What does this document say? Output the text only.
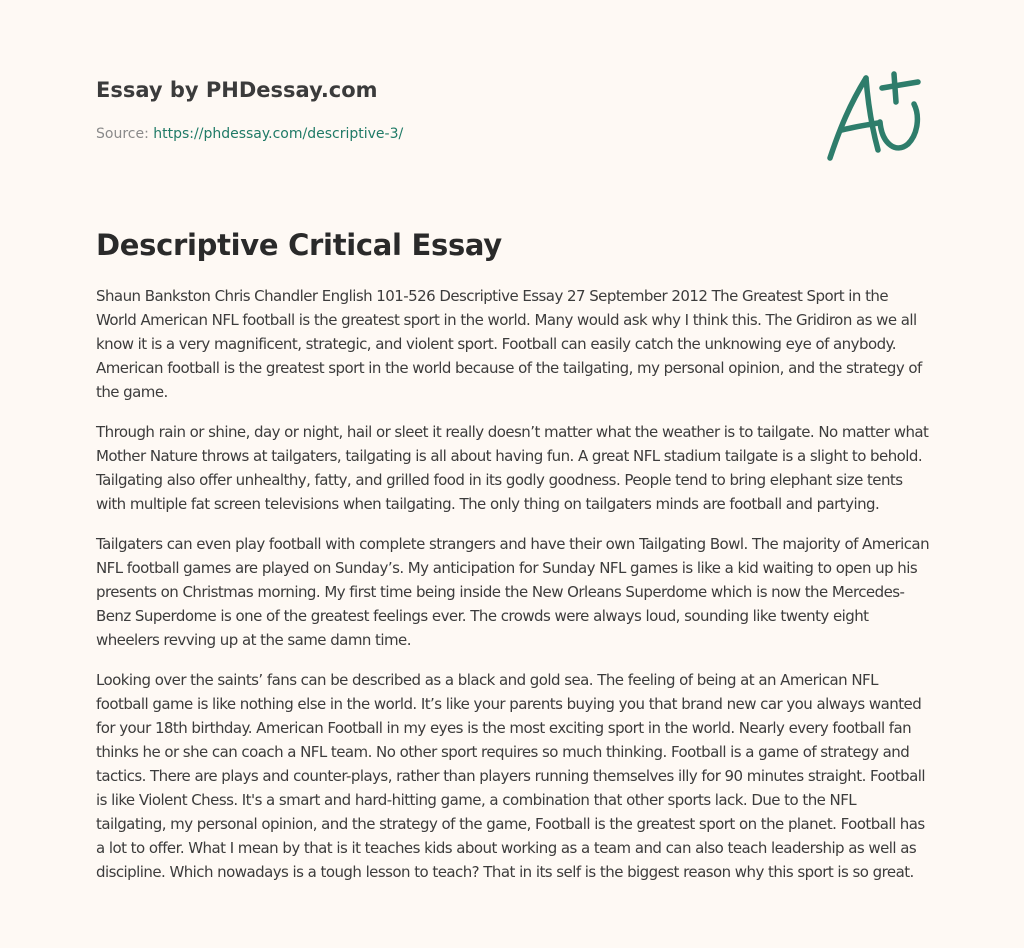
Essay by PHDessay.com
Source: https://phdessay.com/descriptive-3/
Descriptive Critical Essay

Shaun Bankston Chris Chandler English 101-526 Descriptive Essay 27 September 2012 The Greatest Sport in the World American NFL football is the greatest sport in the world. Many would ask why I think this. The Gridiron as we all know it is a very magnificent, strategic, and violent sport. Football can easily catch the unknowing eye of anybody. American football is the greatest sport in the world because of the tailgating, my personal opinion, and the strategy of the game.

Through rain or shine, day or night, hail or sleet it really doesn’t matter what the weather is to tailgate. No matter what Mother Nature throws at tailgaters, tailgating is all about having fun. A great NFL stadium tailgate is a slight to behold. Tailgating also offer unhealthy, fatty, and grilled food in its godly goodness. People tend to bring elephant size tents with multiple fat screen televisions when tailgating. The only thing on tailgaters minds are football and partying.

Tailgaters can even play football with complete strangers and have their own Tailgating Bowl. The majority of American NFL football games are played on Sunday’s. My anticipation for Sunday NFL games is like a kid waiting to open up his presents on Christmas morning. My first time being inside the New Orleans Superdome which is now the Mercedes-Benz Superdome is one of the greatest feelings ever. The crowds were always loud, sounding like twenty eight wheelers revving up at the same damn time.

Looking over the saints’ fans can be described as a black and gold sea. The feeling of being at an American NFL football game is like nothing else in the world. It’s like your parents buying you that brand new car you always wanted for your 18th birthday. American Football in my eyes is the most exciting sport in the world. Nearly every football fan thinks he or she can coach a NFL team. No other sport requires so much thinking. Football is a game of strategy and tactics. There are plays and counter-plays, rather than players running themselves illy for 90 minutes straight. Football is like Violent Chess. It's a smart and hard-hitting game, a combination that other sports lack. Due to the NFL tailgating, my personal opinion, and the strategy of the game, Football is the greatest sport on the planet. Football has a lot to offer. What I mean by that is it teaches kids about working as a team and can also teach leadership as well as discipline. Which nowadays is a tough lesson to teach? That in its self is the biggest reason why this sport is so great.
